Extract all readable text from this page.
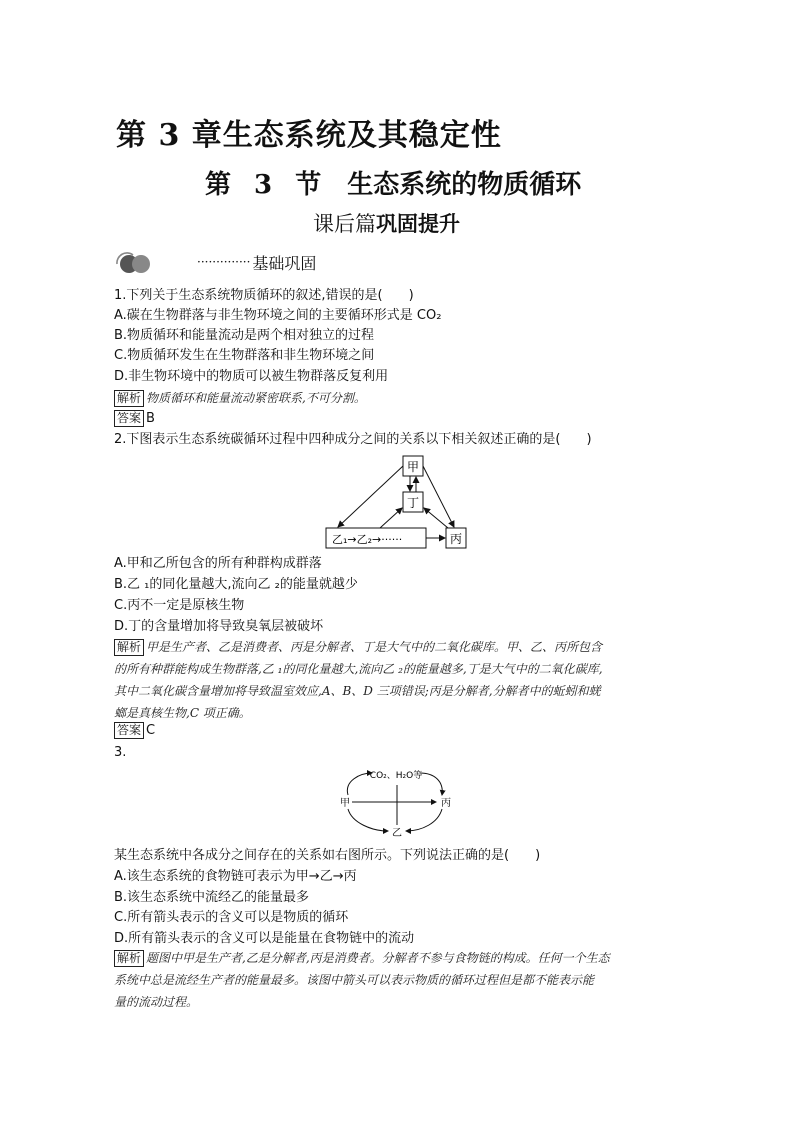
第 3 章生态系统及其稳定性
第 3 节　生态系统的物质循环
课后篇巩固提升
·············· 基础巩固
1.下列关于生态系统物质循环的叙述,错误的是(　　)
A.碳在生物群落与非生物环境之间的主要循环形式是 CO₂
B.物质循环和能量流动是两个相对独立的过程
C.物质循环发生在生物群落和非生物环境之间
D.非生物环境中的物质可以被生物群落反复利用
解析 物质循环和能量流动紧密联系,不可分割。
答案 B
2.下图表示生态系统碳循环过程中四种成分之间的关系以下相关叙述正确的是(　　)
甲
丁
乙₁→乙₂→······	丙
A.甲和乙所包含的所有种群构成群落
B.乙 ₁的同化量越大,流向乙 ₂的能量就越少
C.丙不一定是原核生物
D.丁的含量增加将导致臭氧层被破坏
解析 甲是生产者、乙是消费者、丙是分解者、丁是大气中的二氧化碳库。甲、乙、丙所包含
的所有种群能构成生物群落,乙 ₁的同化量越大,流向乙 ₂的能量越多,丁是大气中的二氧化碳库,
其中二氧化碳含量增加将导致温室效应,A、B、D 三项错误;丙是分解者,分解者中的蚯蚓和蜣
螂是真核生物,C 项正确。
答案 C
3.
CO₂、H₂O等
甲	丙
乙
某生态系统中各成分之间存在的关系如右图所示。下列说法正确的是(　　)
A.该生态系统的食物链可表示为甲→乙→丙
B.该生态系统中流经乙的能量最多
C.所有箭头表示的含义可以是物质的循环
D.所有箭头表示的含义可以是能量在食物链中的流动
解析 题图中甲是生产者,乙是分解者,丙是消费者。分解者不参与食物链的构成。任何一个生态
系统中总是流经生产者的能量最多。该图中箭头可以表示物质的循环过程但是都不能表示能
量的流动过程。
